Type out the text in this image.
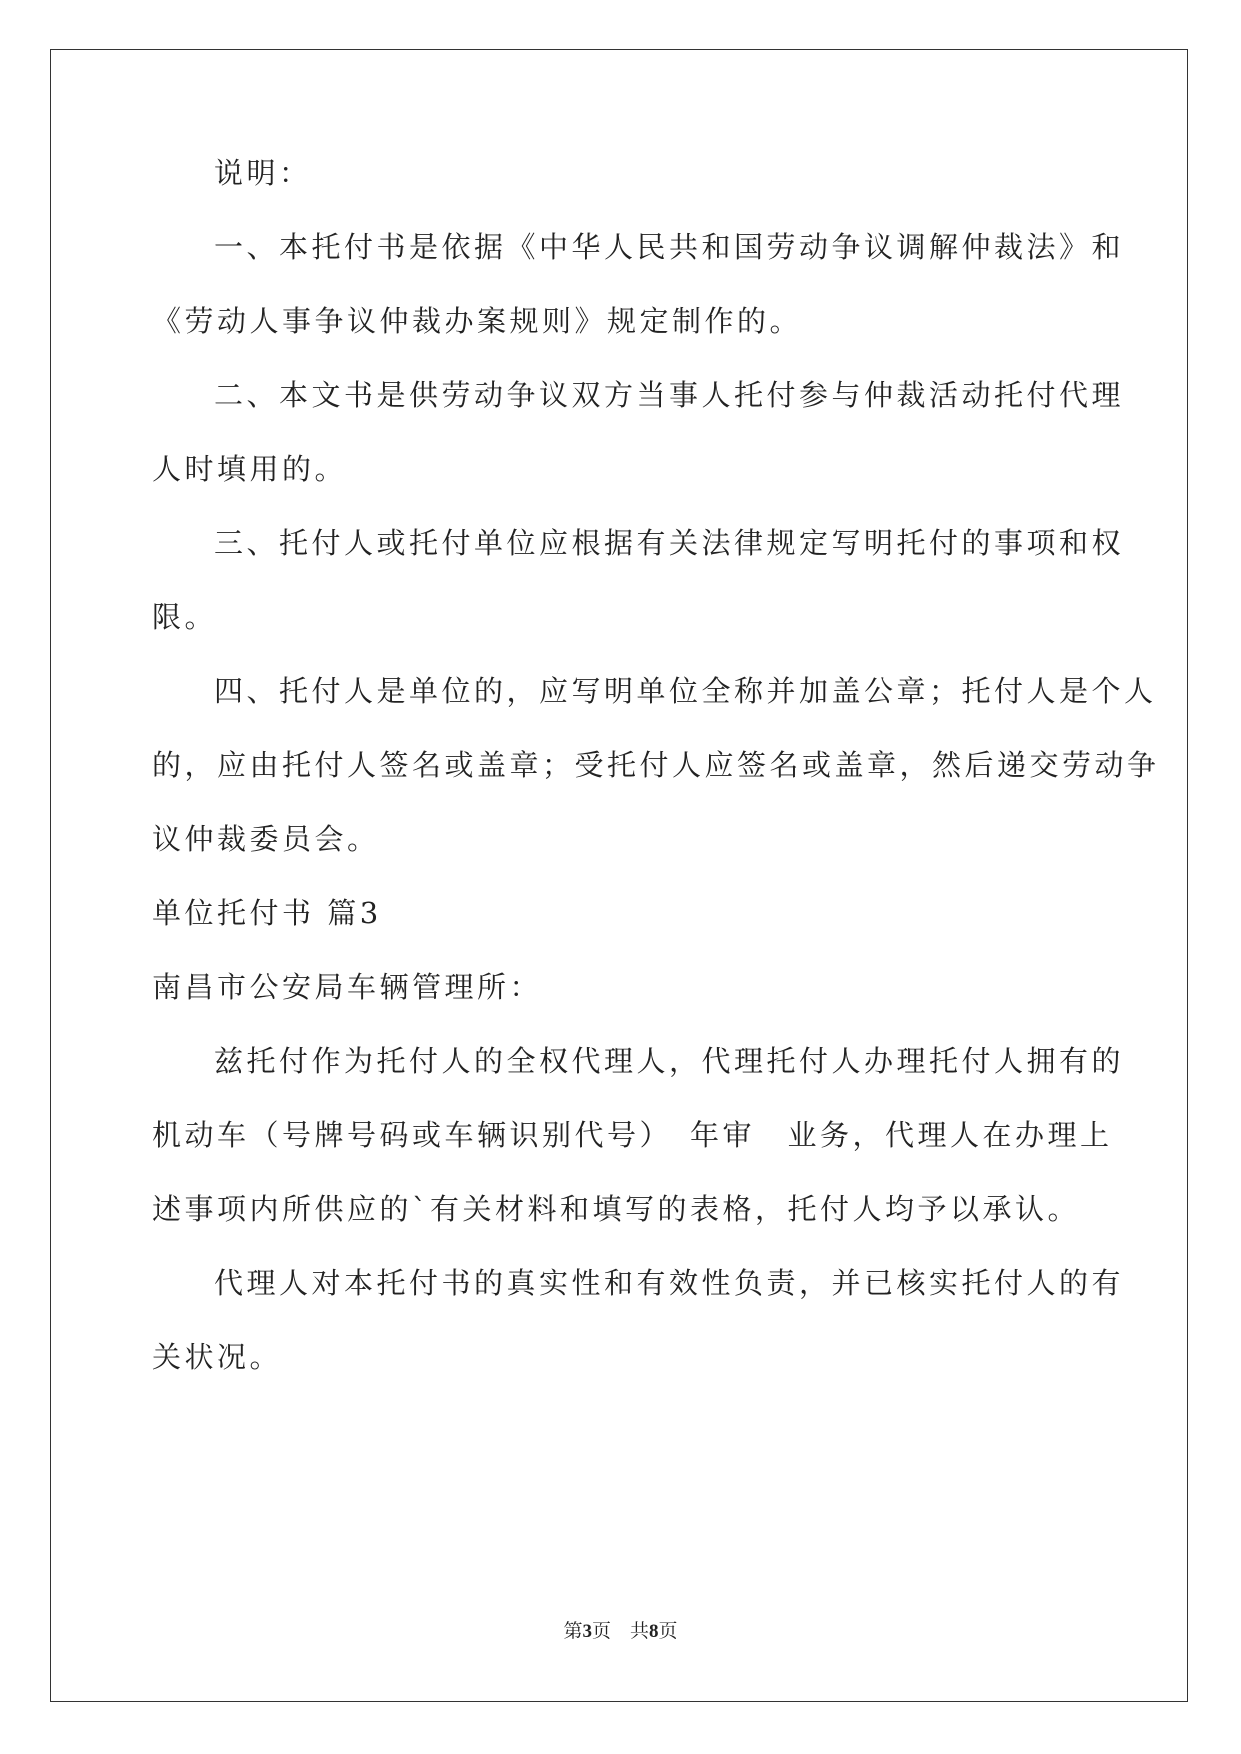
说明：

一、本托付书是依据《中华人民共和国劳动争议调解仲裁法》和

《劳动人事争议仲裁办案规则》规定制作的。

二、本文书是供劳动争议双方当事人托付参与仲裁活动托付代理

人时填用的。

三、托付人或托付单位应根据有关法律规定写明托付的事项和权

限。

四、托付人是单位的，应写明单位全称并加盖公章；托付人是个人

的，应由托付人签名或盖章；受托付人应签名或盖章，然后递交劳动争

议仲裁委员会。

单位托付书 篇3

南昌市公安局车辆管理所：

兹托付作为托付人的全权代理人，代理托付人办理托付人拥有的

机动车（号牌号码或车辆识别代号）　年审　业务，代理人在办理上

述事项内所供应的`有关材料和填写的表格，托付人均予以承认。

代理人对本托付书的真实性和有效性负责，并已核实托付人的有

关状况。

第3页　共8页
